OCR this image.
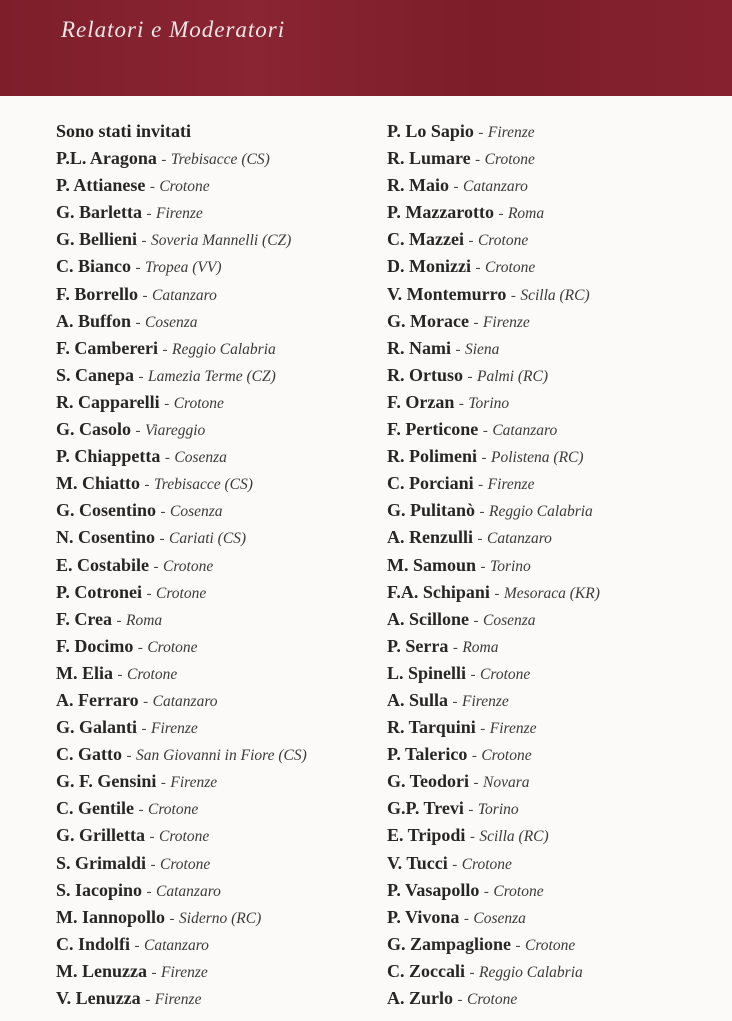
Relatori e Moderatori
Sono stati invitati
P.L. Aragona - Trebisacce (CS)
P. Attianese - Crotone
G. Barletta - Firenze
G. Bellieni - Soveria Mannelli (CZ)
C. Bianco - Tropea (VV)
F. Borrello - Catanzaro
A. Buffon - Cosenza
F. Cambereri - Reggio Calabria
S. Canepa - Lamezia Terme (CZ)
R. Capparelli - Crotone
G. Casolo - Viareggio
P. Chiappetta - Cosenza
M. Chiatto - Trebisacce (CS)
G. Cosentino - Cosenza
N. Cosentino - Cariati (CS)
E. Costabile - Crotone
P. Cotronei - Crotone
F. Crea - Roma
F. Docimo - Crotone
M. Elia - Crotone
A. Ferraro - Catanzaro
G. Galanti - Firenze
C. Gatto - San Giovanni in Fiore (CS)
G. F. Gensini - Firenze
C. Gentile - Crotone
G. Grilletta - Crotone
S. Grimaldi - Crotone
S. Iacopino - Catanzaro
M. Iannopollo - Siderno (RC)
C. Indolfi - Catanzaro
M. Lenuzza - Firenze
V. Lenuzza - Firenze
P. Lo Sapio - Firenze
R. Lumare - Crotone
R. Maio - Catanzaro
P. Mazzarotto - Roma
C. Mazzei - Crotone
D. Monizzi - Crotone
V. Montemurro - Scilla (RC)
G. Morace - Firenze
R. Nami - Siena
R. Ortuso - Palmi (RC)
F. Orzan - Torino
F. Perticone - Catanzaro
R. Polimeni - Polistena (RC)
C. Porciani - Firenze
G. Pulitanò - Reggio Calabria
A. Renzulli - Catanzaro
M. Samoun - Torino
F.A. Schipani - Mesoraca (KR)
A. Scillone - Cosenza
P. Serra - Roma
L. Spinelli - Crotone
A. Sulla - Firenze
R. Tarquini - Firenze
P. Talerico - Crotone
G. Teodori - Novara
G.P. Trevi - Torino
E. Tripodi - Scilla (RC)
V. Tucci - Crotone
P. Vasapollo - Crotone
P. Vivona - Cosenza
G. Zampaglione - Crotone
C. Zoccali - Reggio Calabria
A. Zurlo - Crotone
